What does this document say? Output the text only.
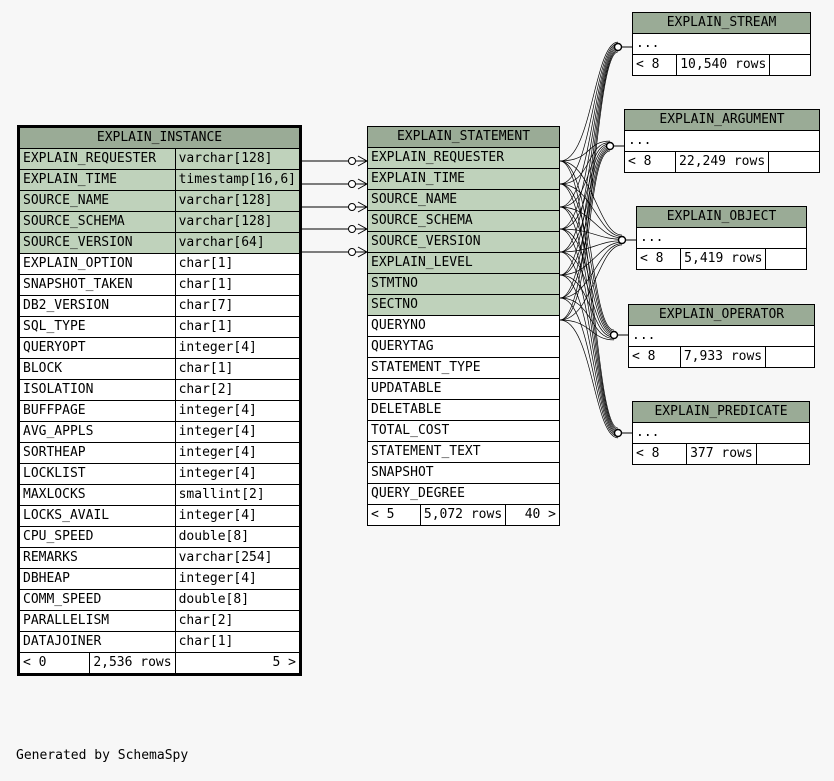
EXPLAIN_INSTANCE		
EXPLAIN_REQUESTER		varchar[128]
EXPLAIN_TIME		timestamp[16,6]
SOURCE_NAME		varchar[128]
SOURCE_SCHEMA		varchar[128]
SOURCE_VERSION		varchar[64]
EXPLAIN_OPTION		char[1]
SNAPSHOT_TAKEN		char[1]
DB2_VERSION		char[7]
SQL_TYPE		char[1]
QUERYOPT		integer[4]
BLOCK		char[1]
ISOLATION		char[2]
BUFFPAGE		integer[4]
AVG_APPLS		integer[4]
SORTHEAP		integer[4]
LOCKLIST		integer[4]
MAXLOCKS		smallint[2]
LOCKS_AVAIL		integer[4]
CPU_SPEED		double[8]
REMARKS		varchar[254]
DBHEAP		integer[4]
COMM_SPEED		double[8]
PARALLELISM		char[2]
DATAJOINER		char[1]
< 0	2,536 rows	5 >
EXPLAIN_STATEMENT
EXPLAIN_REQUESTER
EXPLAIN_TIME
SOURCE_NAME
SOURCE_SCHEMA
SOURCE_VERSION
EXPLAIN_LEVEL
STMTNO
SECTNO
QUERYNO
QUERYTAG
STATEMENT_TYPE
UPDATABLE
DELETABLE
TOTAL_COST
STATEMENT_TEXT
SNAPSHOT
QUERY_DEGREE
< 5	5,072 rows	40 >
EXPLAIN_STREAM
...
< 8	10,540 rows	
EXPLAIN_ARGUMENT
...
< 8	22,249 rows	
EXPLAIN_OBJECT
...
< 8	5,419 rows	
EXPLAIN_OPERATOR
...
< 8	7,933 rows	
EXPLAIN_PREDICATE
...
< 8	377 rows	
Generated by SchemaSpy
